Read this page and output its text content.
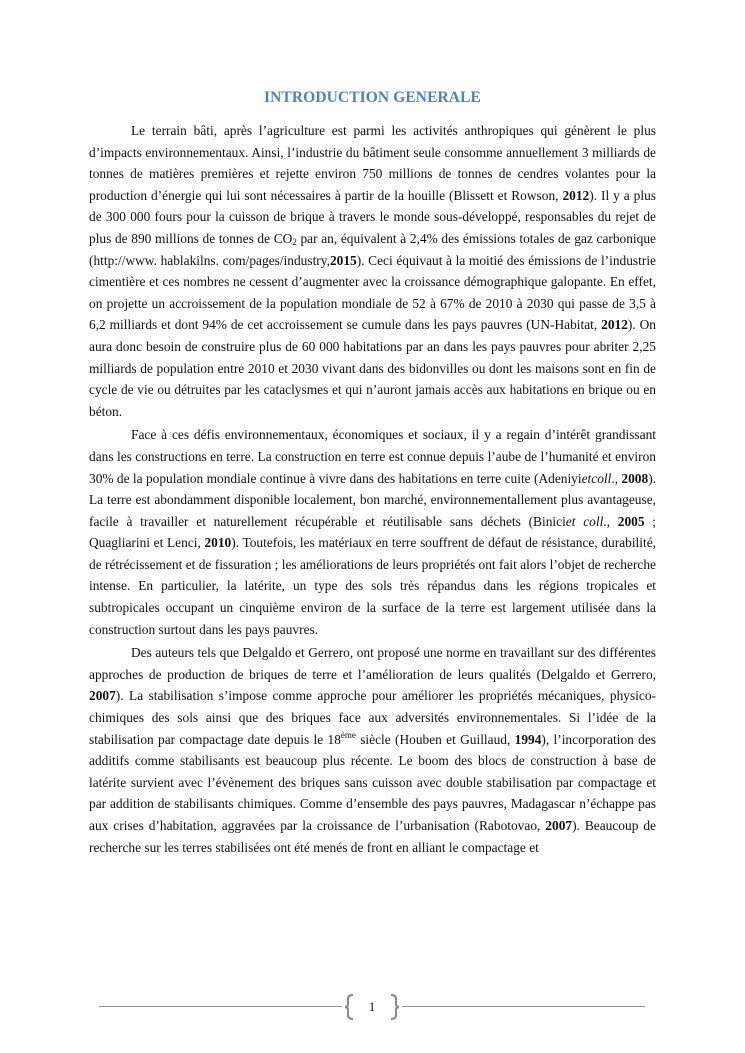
INTRODUCTION GENERALE

Le terrain bâti, après l’agriculture est parmi les activités anthropiques qui génèrent le plus d’impacts environnementaux. Ainsi, l’industrie du bâtiment seule consomme annuellement 3 milliards de tonnes de matières premières et rejette environ 750 millions de tonnes de cendres volantes pour la production d’énergie qui lui sont nécessaires à partir de la houille (Blissett et Rowson, 2012). Il y a plus de 300 000 fours pour la cuisson de brique à travers le monde sous-développé, responsables du rejet de plus de 890 millions de tonnes de $CO_2$ par an, équivalent à 2,4% des émissions totales de gaz carbonique (http://www. hablakilns. com/pages/industry,2015). Ceci équivaut à la moitié des émissions de l’industrie cimentière et ces nombres ne cessent d’augmenter avec la croissance démographique galopante. En effet, on projette un accroissement de la population mondiale de 52 à 67% de 2010 à 2030 qui passe de 3,5 à 6,2 milliards et dont 94% de cet accroissement se cumule dans les pays pauvres (UN-Habitat, 2012). On aura donc besoin de construire plus de 60 000 habitations par an dans les pays pauvres pour abriter 2,25 milliards de population entre 2010 et 2030 vivant dans des bidonvilles ou dont les maisons sont en fin de cycle de vie ou détruites par les cataclysmes et qui n’auront jamais accès aux habitations en brique ou en béton.

Face à ces défis environnementaux, économiques et sociaux, il y a regain d’intérêt grandissant dans les constructions en terre. La construction en terre est connue depuis l’aube de l’humanité et environ 30% de la population mondiale continue à vivre dans des habitations en terre cuite (Adeniyietcoll., 2008). La terre est abondamment disponible localement, bon marché, environnementallement plus avantageuse, facile à travailler et naturellement récupérable et réutilisable sans déchets (Biniciet coll., 2005 ; Quagliarini et Lenci, 2010). Toutefois, les matériaux en terre souffrent de défaut de résistance, durabilité, de rétrécissement et de fissuration ; les améliorations de leurs propriétés ont fait alors l’objet de recherche intense. En particulier, la latérite, un type des sols très répandus dans les régions tropicales et subtropicales occupant un cinquième environ de la surface de la terre est largement utilisée dans la construction surtout dans les pays pauvres.

Des auteurs tels que Delgaldo et Gerrero, ont proposé une norme en travaillant sur des différentes approches de production de briques de terre et l’amélioration de leurs qualités (Delgaldo et Gerrero, 2007). La stabilisation s’impose comme approche pour améliorer les propriétés mécaniques, physico-chimiques des sols ainsi que des briques face aux adversités environnementales. Si l’idée de la stabilisation par compactage date depuis le 18ème siècle (Houben et Guillaud, 1994), l’incorporation des additifs comme stabilisants est beaucoup plus récente. Le boom des blocs de construction à base de latérite survient avec l’évènement des briques sans cuisson avec double stabilisation par compactage et par addition de stabilisants chimiques. Comme d’ensemble des pays pauvres, Madagascar n’échappe pas aux crises d’habitation, aggravées par la croissance de l’urbanisation (Rabotovao, 2007). Beaucoup de recherche sur les terres stabilisées ont été menés de front en alliant le compactage et

1
